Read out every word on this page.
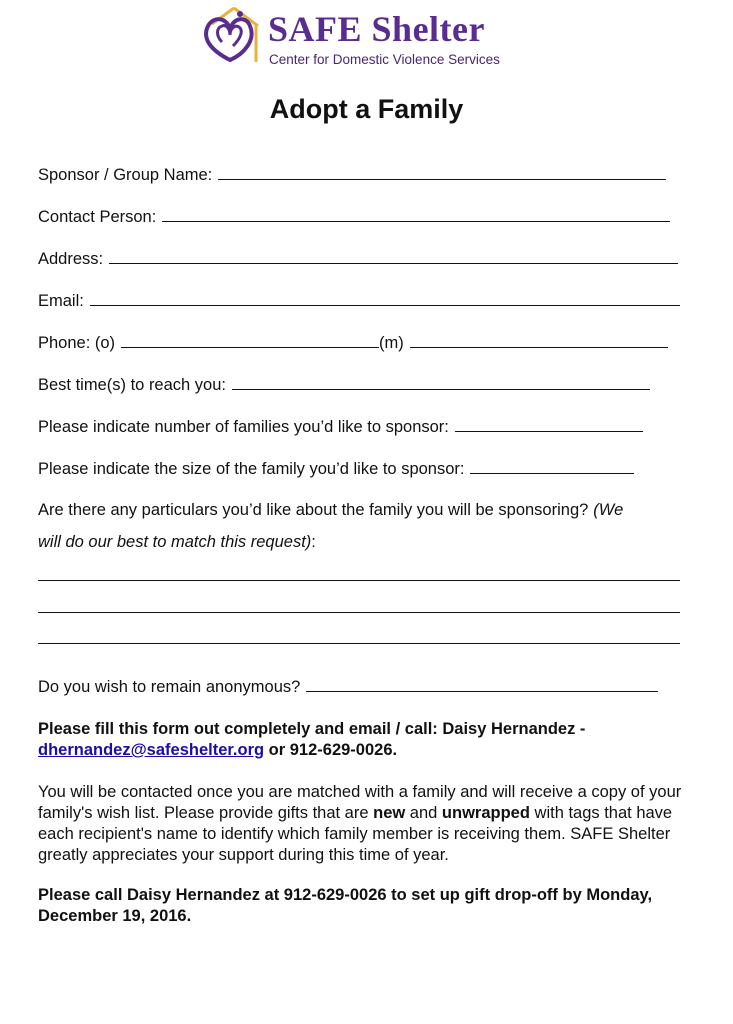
SAFE Shelter
Center for Domestic Violence Services
Adopt a Family
Sponsor / Group Name:
Contact Person:
Address:
Email:
Phone: (o)	(m)
Best time(s) to reach you:
Please indicate number of families you’d like to sponsor:
Please indicate the size of the family you’d like to sponsor:
Are there any particulars you’d like about the family you will be sponsoring? (We
will do our best to match this request) :
Do you wish to remain anonymous?
Please fill this form out completely and email / call: Daisy Hernandez -
dhernandez@safeshelter.org or 912-629-0026.
You will be contacted once you are matched with a family and will receive a copy of your family's wish list. Please provide gifts that are new and unwrapped with tags that have each recipient's name to identify which family member is receiving them. SAFE Shelter greatly appreciates your support during this time of year.
Please call Daisy Hernandez at 912-629-0026 to set up gift drop-off by Monday, December 19, 2016.
